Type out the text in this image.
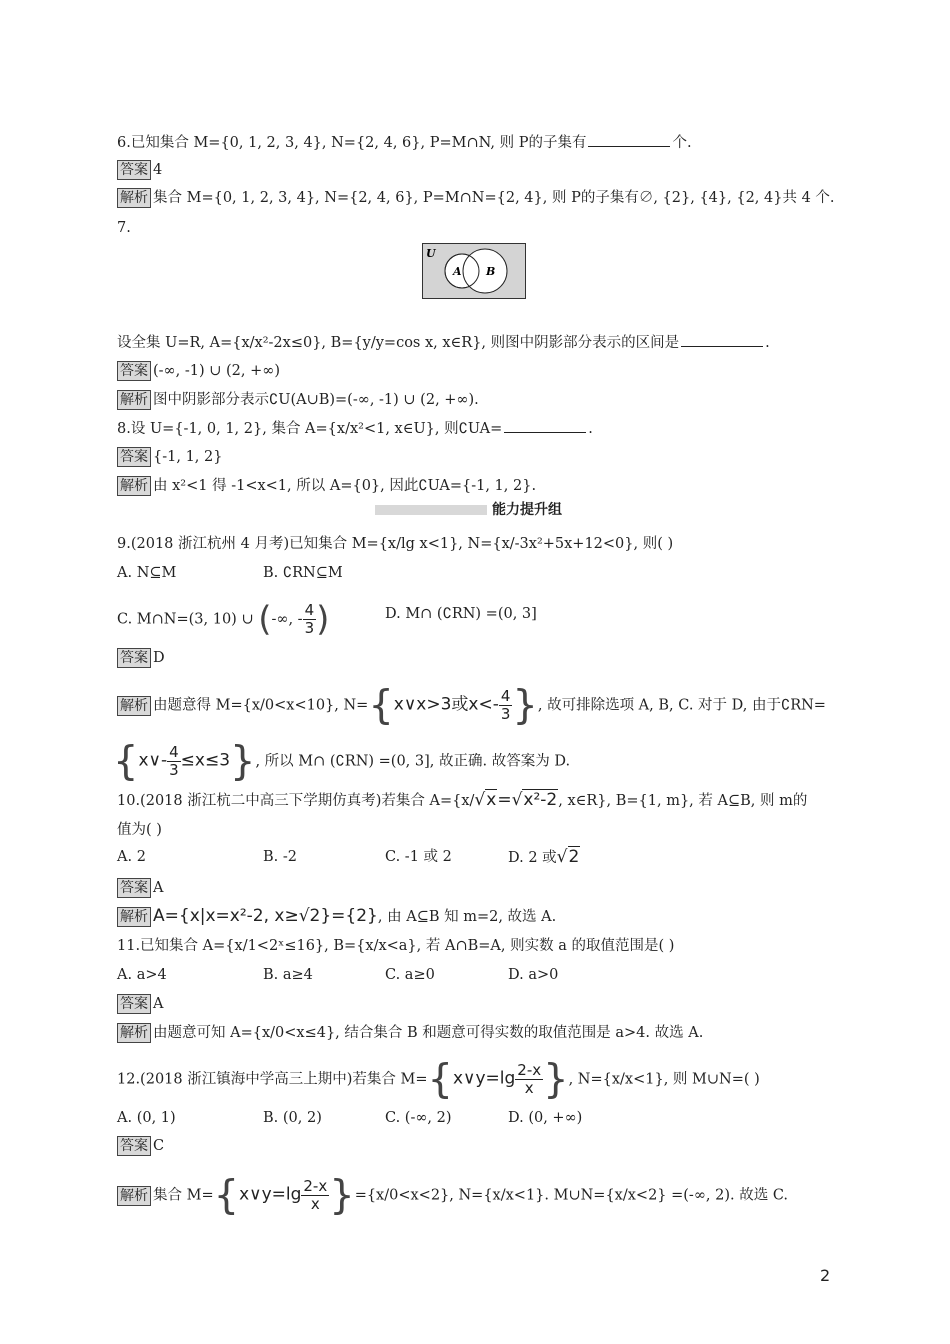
6.已知集合 M={0, 1, 2, 3, 4}, N={2, 4, 6}, P=M∩N, 则 P的子集有	个.
答案 4
解析 集合 M={0, 1, 2, 3, 4}, N={2, 4, 6}, P=M∩N={2, 4}, 则 P的子集有∅, {2}, {4}, {2, 4}共 4 个.
7.
U
A B
设全集 U=R, A={x/x²-2x≤0}, B={y/y=cos x, x∈R}, 则图中阴影部分表示的区间是	.
答案 (-∞, -1) ∪ (2, +∞)
解析 图中阴影部分表示∁U(A∪B)=(-∞, -1) ∪ (2, +∞).
8.设 U={-1, 0, 1, 2}, 集合 A={x/x²<1, x∈U}, 则∁UA=	.
答案 {-1, 1, 2}
解析 由 x²<1 得 -1<x<1, 所以 A={0}, 因此∁UA={-1, 1, 2}.
能力提升组
9.(2018 浙江杭州 4 月考)已知集合 M={x/lg x<1}, N={x/-3x²+5x+12<0}, 则( )
A. N⊆M	B. ∁RN⊆M
C. M∩N=(3, 10) ∪ (-∞, - $\frac{4}{3}$ )	D. M∩ (∁RN) =(0, 3]
答案 D
解析 由题意得 M={x/0<x<10}, N={x∨x>3或$x<- \frac{4}{3}$ }, 故可排除选项 A, B, C. 对于 D, 由于∁RN=
{x∨- $\frac{4}{3} \le x\le 3$}, 所以 M∩ (∁RN) =(0, 3], 故正确. 故答案为 D.
10.(2018 浙江杭二中高三下学期仿真考)若集合 A={x/√x=√x²-2, x∈R}, B={1, m}, 若 A⊆B, 则 m的
值为( )
A. 2	B. -2	C. -1 或 2	D. 2 或√2
答案 A
解析 A={x|x=x²-2, x≥√2}={2}, 由 A⊆B 知 m=2, 故选 A.
11.已知集合 A={x/1<2ˣ≤16}, B={x/x<a}, 若 A∩B=A, 则实数 a 的取值范围是( )
A. a>4	B. a≥4	C. a≥0	D. a>0
答案 A
解析 由题意可知 A={x/0<x≤4}, 结合集合 B 和题意可得实数的取值范围是 a>4. 故选 A.
12.(2018 浙江镇海中学高三上期中)若集合 M={x∨y=lg $\frac{2-x}{x}$ }, N={x/x<1}, 则 M∪N=( )
A. (0, 1)	B. (0, 2)	C. (-∞, 2)	D. (0, +∞)
答案 C
解析 集合 M={x∨y=lg $\frac{2-x}{x} \}=\{x/0<x<2\}$, N={x/x<1}. M∪N={x/x<2} =(-∞, 2). 故选 C.
2
